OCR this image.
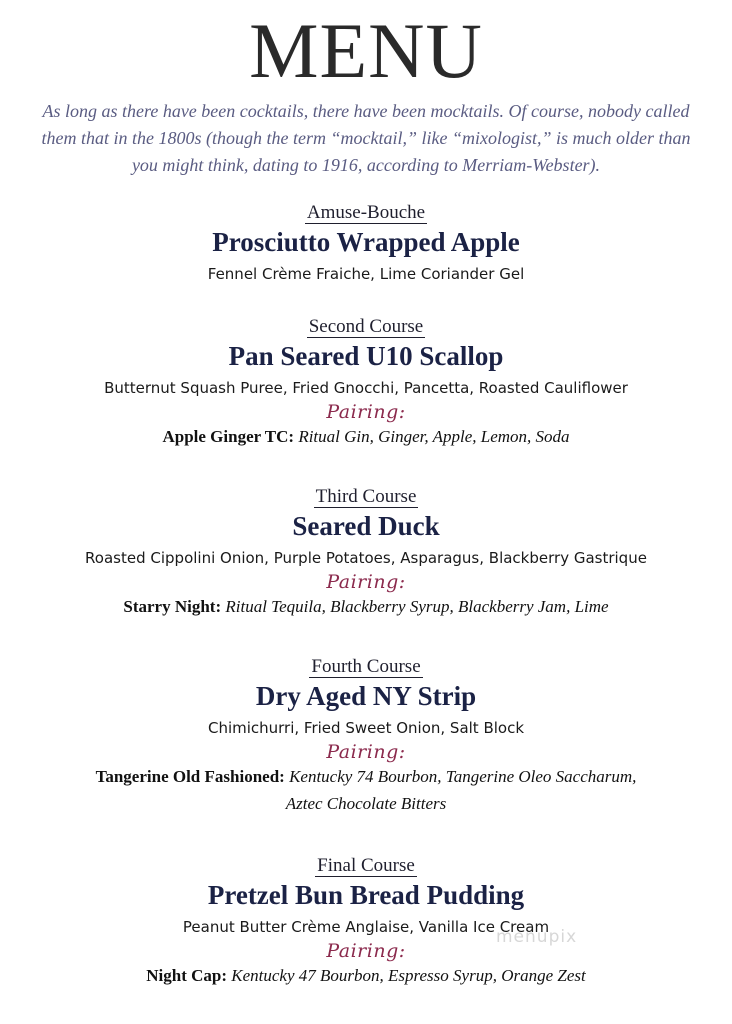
MENU
As long as there have been cocktails, there have been mocktails. Of course, nobody called them that in the 1800s (though the term “mocktail,” like “mixologist,” is much older than you might think, dating to 1916, according to Merriam-Webster).
Amuse-Bouche
Prosciutto Wrapped Apple
Fennel Crème Fraiche, Lime Coriander Gel
Second Course
Pan Seared U10 Scallop
Butternut Squash Puree, Fried Gnocchi, Pancetta, Roasted Cauliflower
Pairing:
Apple Ginger TC: Ritual Gin, Ginger, Apple, Lemon, Soda
Third Course
Seared Duck
Roasted Cippolini Onion, Purple Potatoes, Asparagus, Blackberry Gastrique
Pairing:
Starry Night: Ritual Tequila, Blackberry Syrup, Blackberry Jam, Lime
Fourth Course
Dry Aged NY Strip
Chimichurri, Fried Sweet Onion, Salt Block
Pairing:
Tangerine Old Fashioned: Kentucky 74 Bourbon, Tangerine Oleo Saccharum,
Aztec Chocolate Bitters
Final Course
Pretzel Bun Bread Pudding
Peanut Butter Crème Anglaise, Vanilla Ice Cream
Pairing:
Night Cap: Kentucky 47 Bourbon, Espresso Syrup, Orange Zest
menupix
